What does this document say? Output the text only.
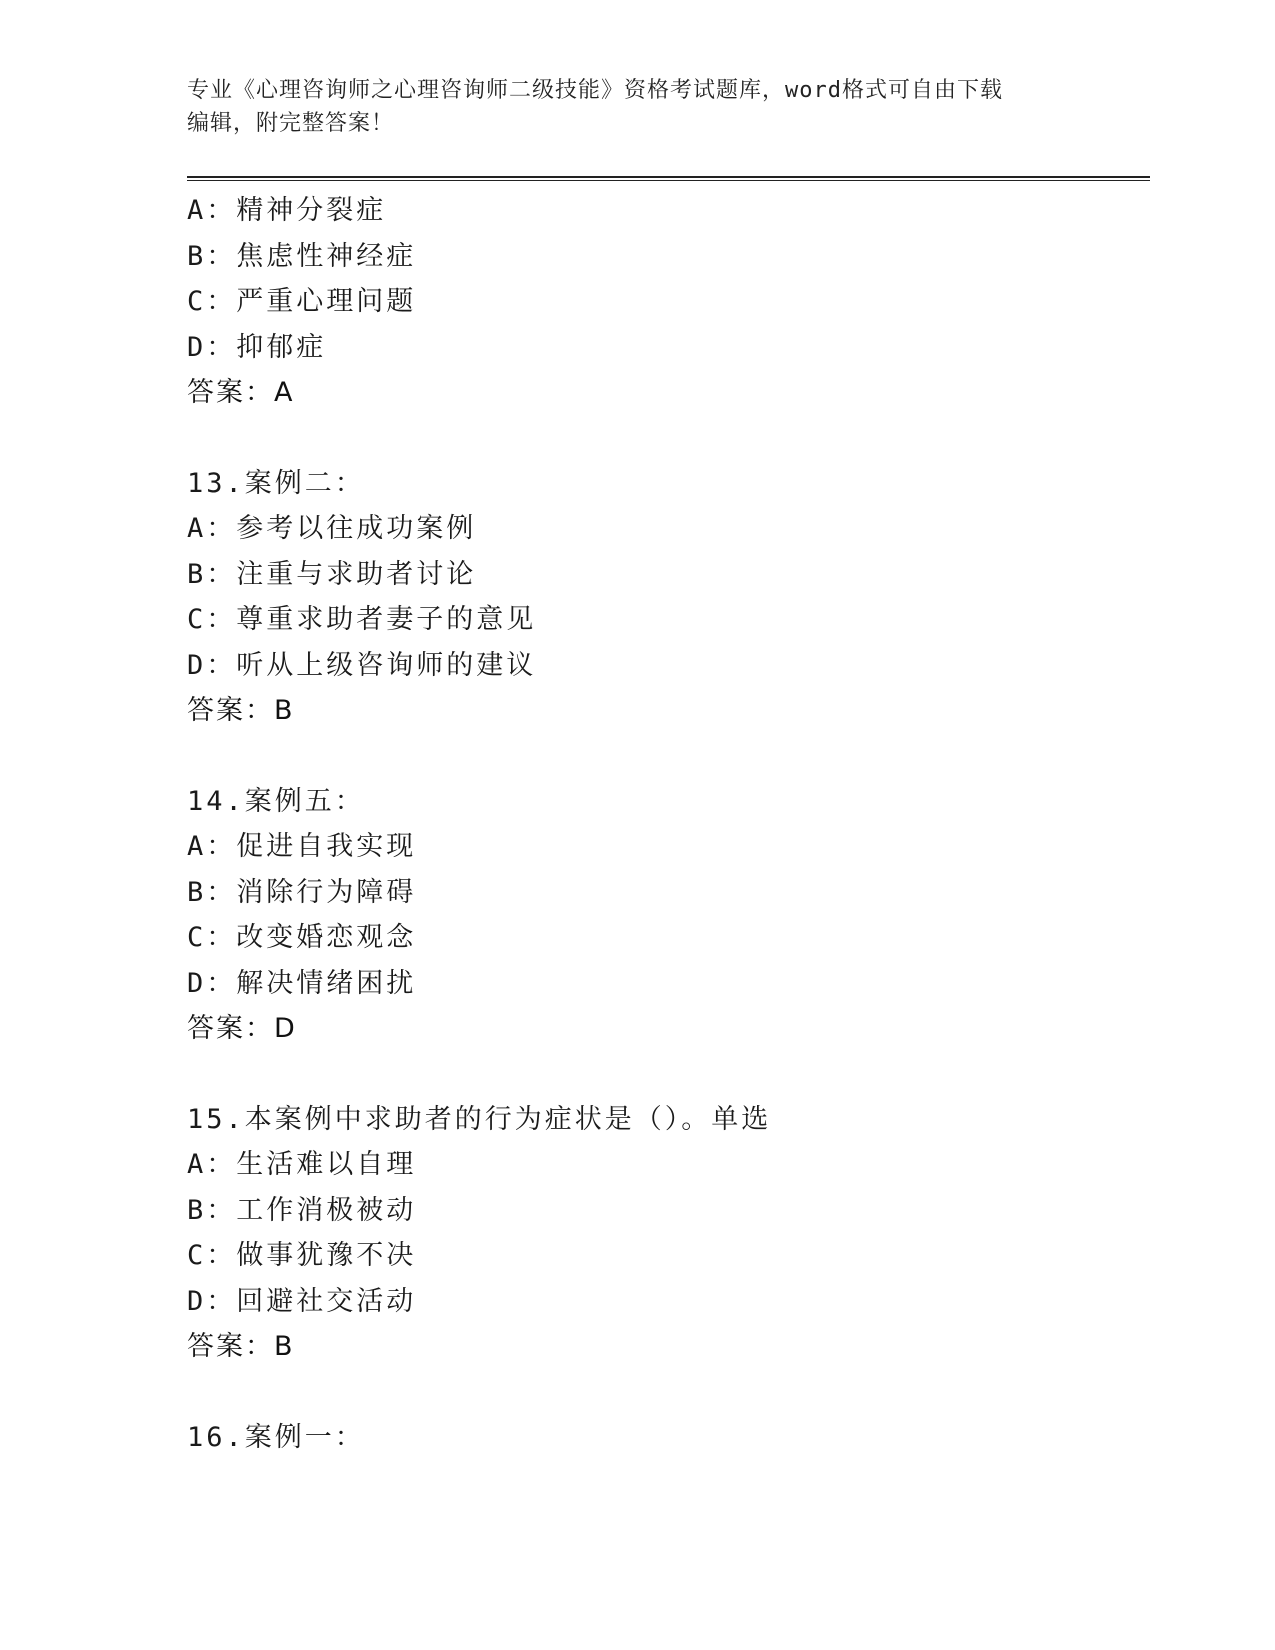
专业《心理咨询师之心理咨询师二级技能》资格考试题库，word格式可自由下载
编辑，附完整答案！
A：精神分裂症
B：焦虑性神经症
C：严重心理问题
D：抑郁症
答案：A
13.案例二：
A：参考以往成功案例
B：注重与求助者讨论
C：尊重求助者妻子的意见
D：听从上级咨询师的建议
答案：B
14.案例五：
A：促进自我实现
B：消除行为障碍
C：改变婚恋观念
D：解决情绪困扰
答案：D
15.本案例中求助者的行为症状是（）。单选
A：生活难以自理
B：工作消极被动
C：做事犹豫不决
D：回避社交活动
答案：B
16.案例一：
